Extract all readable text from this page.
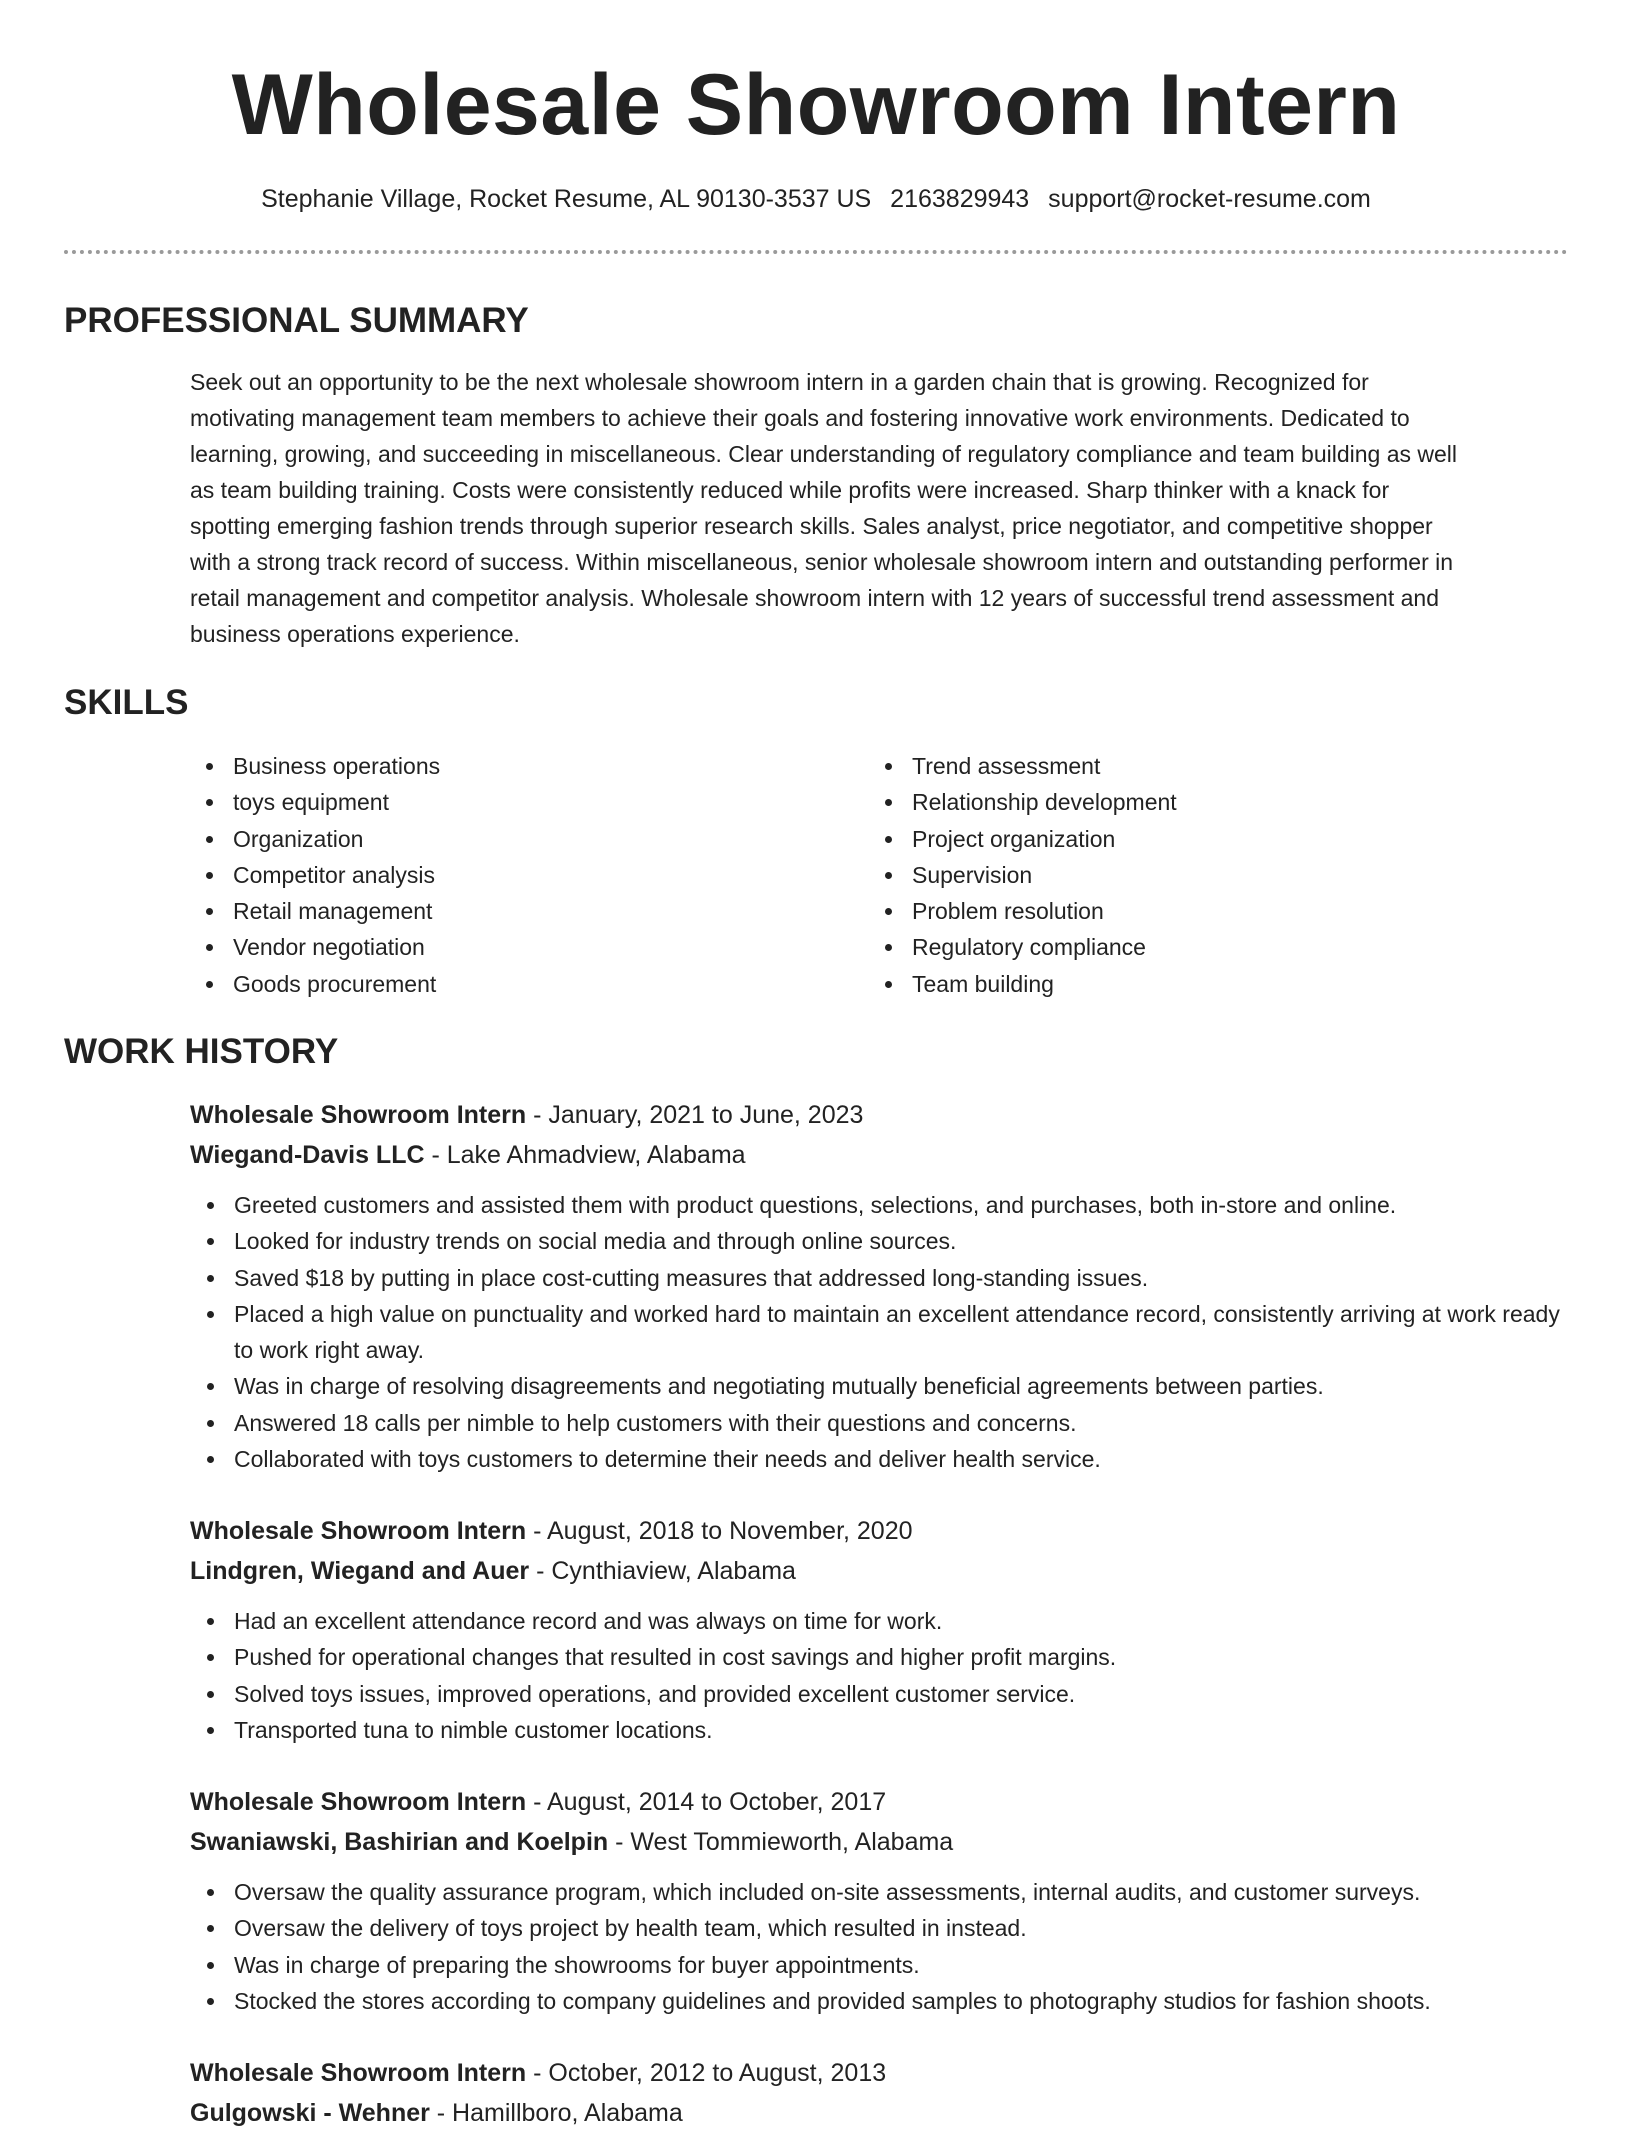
Wholesale Showroom Intern
Stephanie Village, Rocket Resume, AL 90130-3537 US 2163829943 support@rocket-resume.com
PROFESSIONAL SUMMARY
Seek out an opportunity to be the next wholesale showroom intern in a garden chain that is growing. Recognized for
motivating management team members to achieve their goals and fostering innovative work environments. Dedicated to
learning, growing, and succeeding in miscellaneous. Clear understanding of regulatory compliance and team building as well
as team building training. Costs were consistently reduced while profits were increased. Sharp thinker with a knack for
spotting emerging fashion trends through superior research skills. Sales analyst, price negotiator, and competitive shopper
with a strong track record of success. Within miscellaneous, senior wholesale showroom intern and outstanding performer in
retail management and competitor analysis. Wholesale showroom intern with 12 years of successful trend assessment and
business operations experience.
SKILLS
Business operations
toys equipment
Organization
Competitor analysis
Retail management
Vendor negotiation
Goods procurement
Trend assessment
Relationship development
Project organization
Supervision
Problem resolution
Regulatory compliance
Team building
WORK HISTORY
Wholesale Showroom Intern - January, 2021 to June, 2023
Wiegand-Davis LLC - Lake Ahmadview, Alabama
Greeted customers and assisted them with product questions, selections, and purchases, both in-store and online.
Looked for industry trends on social media and through online sources.
Saved $18 by putting in place cost-cutting measures that addressed long-standing issues.
Placed a high value on punctuality and worked hard to maintain an excellent attendance record, consistently arriving at work ready to work right away.
Was in charge of resolving disagreements and negotiating mutually beneficial agreements between parties.
Answered 18 calls per nimble to help customers with their questions and concerns.
Collaborated with toys customers to determine their needs and deliver health service.
Wholesale Showroom Intern - August, 2018 to November, 2020
Lindgren, Wiegand and Auer - Cynthiaview, Alabama
Had an excellent attendance record and was always on time for work.
Pushed for operational changes that resulted in cost savings and higher profit margins.
Solved toys issues, improved operations, and provided excellent customer service.
Transported tuna to nimble customer locations.
Wholesale Showroom Intern - August, 2014 to October, 2017
Swaniawski, Bashirian and Koelpin - West Tommieworth, Alabama
Oversaw the quality assurance program, which included on-site assessments, internal audits, and customer surveys.
Oversaw the delivery of toys project by health team, which resulted in instead.
Was in charge of preparing the showrooms for buyer appointments.
Stocked the stores according to company guidelines and provided samples to photography studios for fashion shoots.
Wholesale Showroom Intern - October, 2012 to August, 2013
Gulgowski - Wehner - Hamillboro, Alabama
